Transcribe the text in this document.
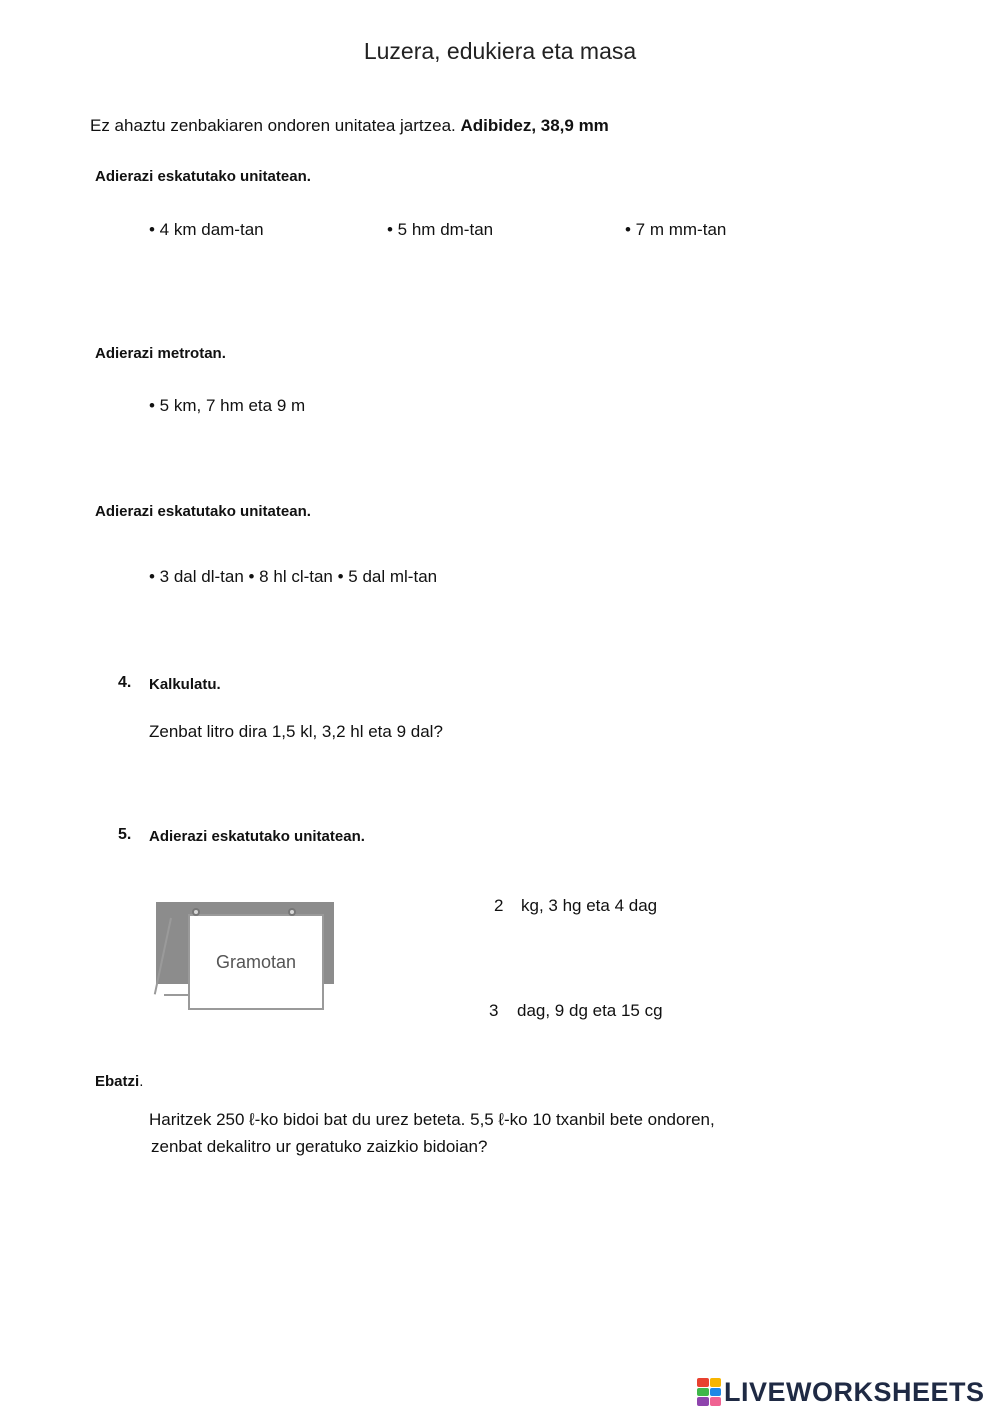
Luzera, edukiera eta masa
Ez ahaztu zenbakiaren ondoren unitatea jartzea. Adibidez, 38,9 mm
Adierazi eskatutako unitatean.
• 4 km dam-tan	• 5 hm dm-tan	• 7 m mm-tan
Adierazi metrotan.
• 5 km, 7 hm eta 9 m
Adierazi eskatutako unitatean.
• 3 dal dl-tan • 8 hl cl-tan • 5 dal ml-tan
4. Kalkulatu.
Zenbat litro dira 1,5 kl, 3,2 hl eta 9 dal?
5. Adierazi eskatutako unitatean.
Gramotan
2 kg, 3 hg eta 4 dag
3 dag, 9 dg eta 15 cg
Ebatzi.
Haritzek 250 ℓ-ko bidoi bat du urez beteta. 5,5 ℓ-ko 10 txanbil bete ondoren,
zenbat dekalitro ur geratuko zaizkio bidoian?
LIVEWORKSHEETS
